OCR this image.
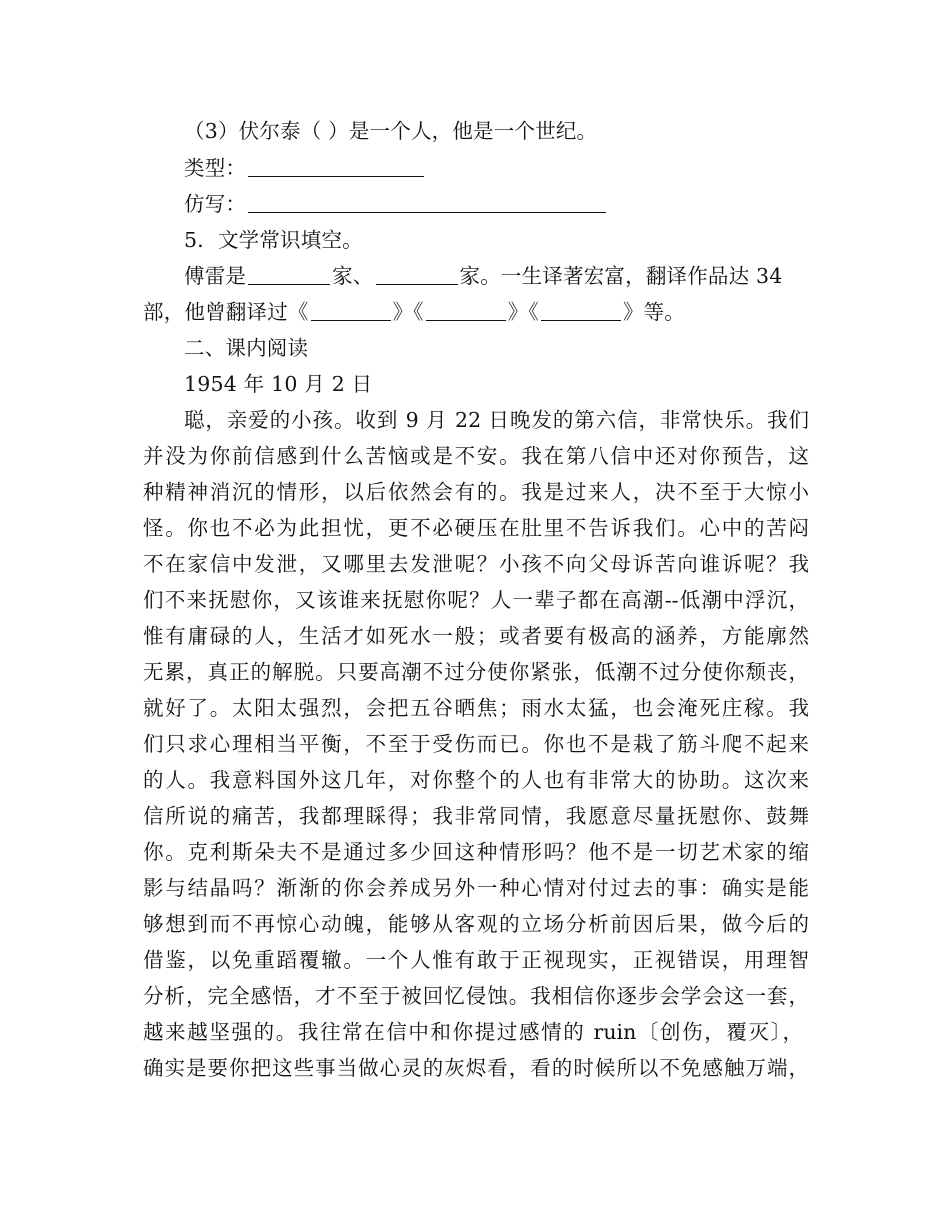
（3）伏尔泰（ ）是一个人，他是一个世纪。
类型：
仿写：
5．文学常识填空。
傅雷是	家、	家。一生译著宏富，翻译作品达 34
部，他曾翻译过《	》《	》《	》等。
二、课内阅读
1954 年 10 月 2 日
聪，亲爱的小孩。收到 9 月 22 日晚发的第六信，非常快乐。我们
并没为你前信感到什么苦恼或是不安。我在第八信中还对你预告，这
种精神消沉的情形，以后依然会有的。我是过来人，决不至于大惊小
怪。你也不必为此担忧，更不必硬压在肚里不告诉我们。心中的苦闷
不在家信中发泄，又哪里去发泄呢？小孩不向父母诉苦向谁诉呢？我
们不来抚慰你，又该谁来抚慰你呢？人一辈子都在高潮--低潮中浮沉，
惟有庸碌的人，生活才如死水一般；或者要有极高的涵养，方能廓然
无累，真正的解脱。只要高潮不过分使你紧张，低潮不过分使你颓丧，
就好了。太阳太强烈，会把五谷晒焦；雨水太猛，也会淹死庄稼。我
们只求心理相当平衡，不至于受伤而已。你也不是栽了筋斗爬不起来
的人。我意料国外这几年，对你整个的人也有非常大的协助。这次来
信所说的痛苦，我都理睬得；我非常同情，我愿意尽量抚慰你、鼓舞
你。克利斯朵夫不是通过多少回这种情形吗？他不是一切艺术家的缩
影与结晶吗？渐渐的你会养成另外一种心情对付过去的事：确实是能
够想到而不再惊心动魄，能够从客观的立场分析前因后果，做今后的
借鉴，以免重蹈覆辙。一个人惟有敢于正视现实，正视错误，用理智
分析，完全感悟，才不至于被回忆侵蚀。我相信你逐步会学会这一套，
越来越坚强的。我往常在信中和你提过感情的 ruin〔创伤，覆灭〕，
确实是要你把这些事当做心灵的灰烬看，看的时候所以不免感触万端，
